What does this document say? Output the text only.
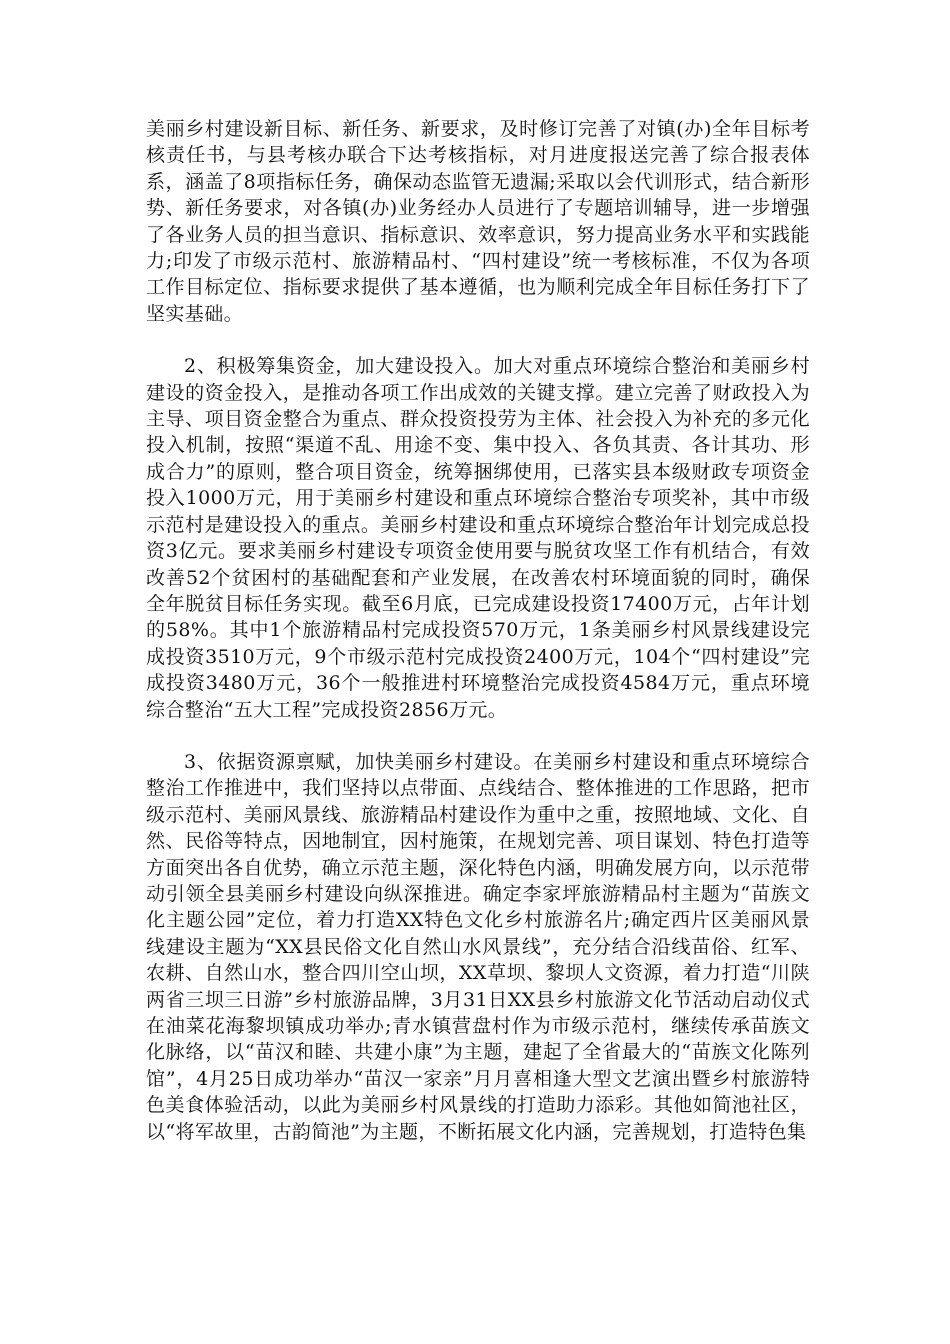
美丽乡村建设新目标、新任务、新要求，及时修订完善了对镇(办)全年目标考核责任书，与县考核办联合下达考核指标，对月进度报送完善了综合报表体系，涵盖了8项指标任务，确保动态监管无遗漏;采取以会代训形式，结合新形势、新任务要求，对各镇(办)业务经办人员进行了专题培训辅导，进一步增强了各业务人员的担当意识、指标意识、效率意识，努力提高业务水平和实践能力;印发了市级示范村、旅游精品村、“四村建设”统一考核标准，不仅为各项工作目标定位、指标要求提供了基本遵循，也为顺利完成全年目标任务打下了坚实基础。

2、积极筹集资金，加大建设投入。加大对重点环境综合整治和美丽乡村建设的资金投入，是推动各项工作出成效的关键支撑。建立完善了财政投入为主导、项目资金整合为重点、群众投资投劳为主体、社会投入为补充的多元化投入机制，按照“渠道不乱、用途不变、集中投入、各负其责、各计其功、形成合力”的原则，整合项目资金，统筹捆绑使用，已落实县本级财政专项资金投入1000万元，用于美丽乡村建设和重点环境综合整治专项奖补，其中市级示范村是建设投入的重点。美丽乡村建设和重点环境综合整治年计划完成总投资3亿元。要求美丽乡村建设专项资金使用要与脱贫攻坚工作有机结合，有效改善52个贫困村的基础配套和产业发展，在改善农村环境面貌的同时，确保全年脱贫目标任务实现。截至6月底，已完成建设投资17400万元，占年计划的58%。其中1个旅游精品村完成投资570万元，1条美丽乡村风景线建设完成投资3510万元，9个市级示范村完成投资2400万元，104个“四村建设”完成投资3480万元，36个一般推进村环境整治完成投资4584万元，重点环境综合整治“五大工程”完成投资2856万元。

3、依据资源禀赋，加快美丽乡村建设。在美丽乡村建设和重点环境综合整治工作推进中，我们坚持以点带面、点线结合、整体推进的工作思路，把市级示范村、美丽风景线、旅游精品村建设作为重中之重，按照地域、文化、自然、民俗等特点，因地制宜，因村施策，在规划完善、项目谋划、特色打造等方面突出各自优势，确立示范主题，深化特色内涵，明确发展方向，以示范带动引领全县美丽乡村建设向纵深推进。确定李家坪旅游精品村主题为“苗族文化主题公园”定位，着力打造XX特色文化乡村旅游名片;确定西片区美丽风景线建设主题为“XX县民俗文化自然山水风景线”，充分结合沿线苗俗、红军、农耕、自然山水，整合四川空山坝，XX草坝、黎坝人文资源，着力打造“川陕两省三坝三日游”乡村旅游品牌，3月31日XX县乡村旅游文化节活动启动仪式在油菜花海黎坝镇成功举办;青水镇营盘村作为市级示范村，继续传承苗族文化脉络，以“苗汉和睦、共建小康”为主题，建起了全省最大的“苗族文化陈列馆”，4月25日成功举办“苗汉一家亲”月月喜相逢大型文艺演出暨乡村旅游特色美食体验活动，以此为美丽乡村风景线的打造助力添彩。其他如简池社区，以“将军故里，古韵简池”为主题，不断拓展文化内涵，完善规划，打造特色集
